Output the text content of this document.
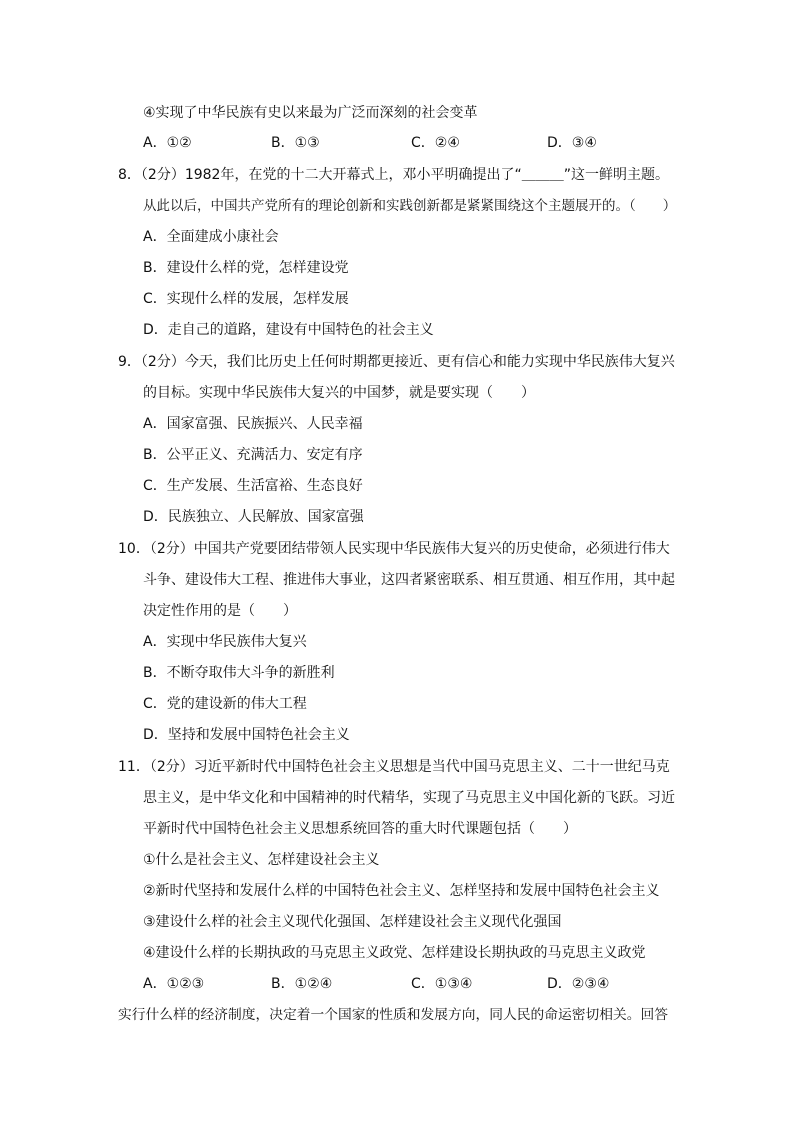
④实现了中华民族有史以来最为广泛而深刻的社会变革
A．①②	B．①③	C．②④	D．③④
8．（2分）1982年，在党的十二大开幕式上，邓小平明确提出了“＿＿＿”这一鲜明主题。
从此以后，中国共产党所有的理论创新和实践创新都是紧紧围绕这个主题展开的。（　　）
A．全面建成小康社会
B．建设什么样的党，怎样建设党
C．实现什么样的发展，怎样发展
D．走自己的道路，建设有中国特色的社会主义
9．（2分）今天，我们比历史上任何时期都更接近、更有信心和能力实现中华民族伟大复兴
的目标。实现中华民族伟大复兴的中国梦，就是要实现（　　）
A．国家富强、民族振兴、人民幸福
B．公平正义、充满活力、安定有序
C．生产发展、生活富裕、生态良好
D．民族独立、人民解放、国家富强
10．（2分）中国共产党要团结带领人民实现中华民族伟大复兴的历史使命，必须进行伟大
斗争、建设伟大工程、推进伟大事业，这四者紧密联系、相互贯通、相互作用，其中起
决定性作用的是（　　）
A．实现中华民族伟大复兴
B．不断夺取伟大斗争的新胜利
C．党的建设新的伟大工程
D．坚持和发展中国特色社会主义
11．（2分）习近平新时代中国特色社会主义思想是当代中国马克思主义、二十一世纪马克
思主义，是中华文化和中国精神的时代精华，实现了马克思主义中国化新的飞跃。习近
平新时代中国特色社会主义思想系统回答的重大时代课题包括（　　）
①什么是社会主义、怎样建设社会主义
②新时代坚持和发展什么样的中国特色社会主义、怎样坚持和发展中国特色社会主义
③建设什么样的社会主义现代化强国、怎样建设社会主义现代化强国
④建设什么样的长期执政的马克思主义政党、怎样建设长期执政的马克思主义政党
A．①②③	B．①②④	C．①③④	D．②③④
实行什么样的经济制度，决定着一个国家的性质和发展方向，同人民的命运密切相关。回答
